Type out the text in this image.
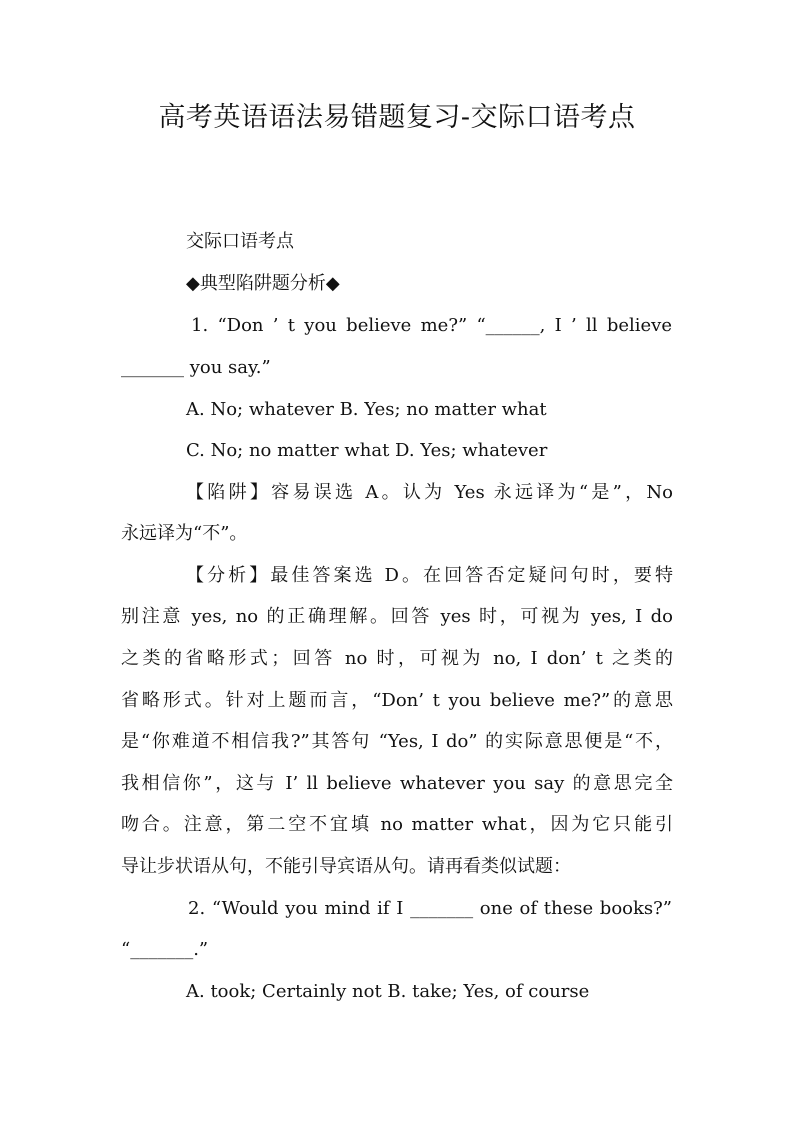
高考英语语法易错题复习-交际口语考点
交际口语考点
◆典型陷阱题分析◆
1. “Don ’ t you believe me?” “______, I ’ ll believe
_______ you say.”
A. No; whatever B. Yes; no matter what
C. No; no matter what D. Yes; whatever
【陷阱】容易误选 A。认为 Yes 永远译为“是”，No
永远译为“不”。
【分析】最佳答案选 D。在回答否定疑问句时，要特
别注意 yes, no 的正确理解。回答 yes 时，可视为 yes, I do
之类的省略形式；回答 no 时，可视为 no, I don’ t 之类的
省略形式。针对上题而言，“Don’ t you believe me?”的意思
是“你难道不相信我?”其答句 “Yes, I do” 的实际意思便是“不，
我相信你”，这与 I’ ll believe whatever you say 的意思完全
吻合。注意，第二空不宜填 no matter what，因为它只能引
导让步状语从句，不能引导宾语从句。请再看类似试题：
2. “Would you mind if I _______ one of these books?”
“_______.”
A. took; Certainly not B. take; Yes, of course
